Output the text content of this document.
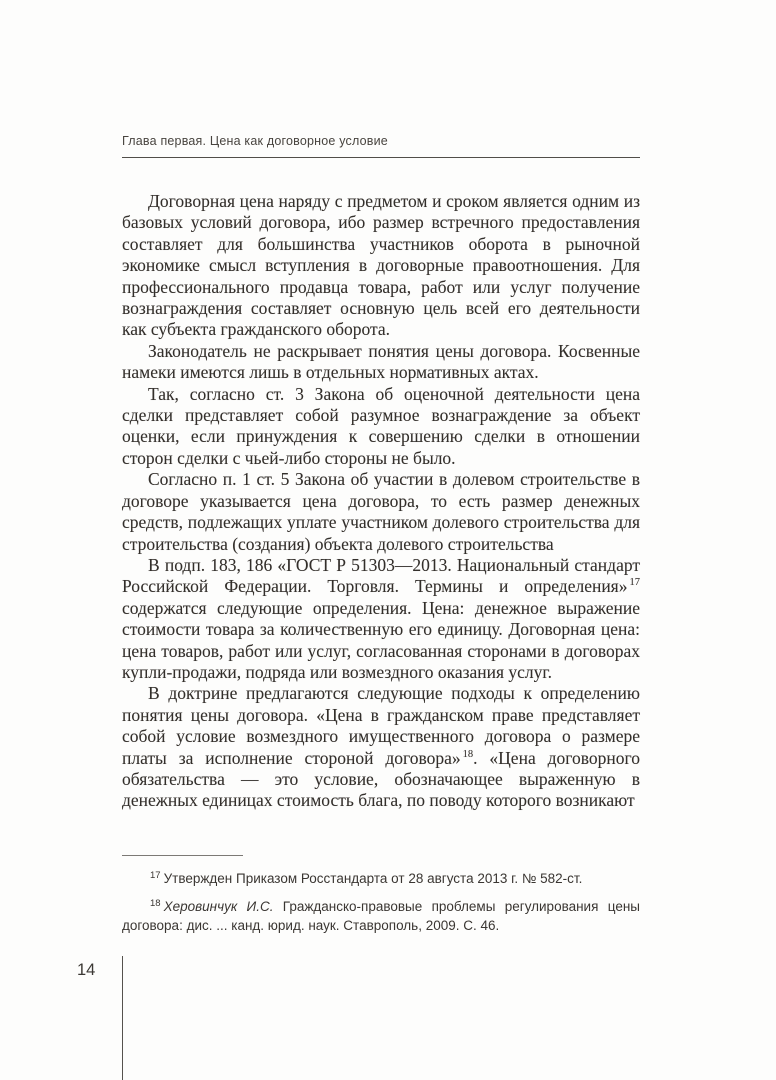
Глава первая. Цена как договорное условие

Договорная цена наряду с предметом и сроком является одним из базовых условий договора, ибо размер встречного предоставления составляет для большинства участников оборота в рыночной экономике смысл вступления в договорные правоотношения. Для профессионального продавца товара, работ или услуг получение вознаграждения составляет основную цель всей его деятельности как субъекта гражданского оборота.

Законодатель не раскрывает понятия цены договора. Косвенные намеки имеются лишь в отдельных нормативных актах.

Так, согласно ст. 3 Закона об оценочной деятельности цена сделки представляет собой разумное вознаграждение за объект оценки, если принуждения к совершению сделки в отношении сторон сделки с чьей-либо стороны не было.

Согласно п. 1 ст. 5 Закона об участии в долевом строительстве в договоре указывается цена договора, то есть размер денежных средств, подлежащих уплате участником долевого строительства для строительства (создания) объекта долевого строительства

В подп. 183, 186 «ГОСТ Р 51303—2013. Национальный стандарт Российской Федерации. Торговля. Термины и определения» $^{17}$ содержатся следующие определения. Цена: денежное выражение стоимости товара за количественную его единицу. Договорная цена: цена товаров, работ или услуг, согласованная сторонами в договорах купли-продажи, подряда или возмездного оказания услуг.

В доктрине предлагаются следующие подходы к определению понятия цены договора. «Цена в гражданском праве представляет собой условие возмездного имущественного договора о размере платы за исполнение стороной договора» $^{18}$. «Цена договорного обязательства — это условие, обозначающее выраженную в денежных единицах стоимость блага, по поводу которого возникают

$^{17}$ Утвержден Приказом Росстандарта от 28 августа 2013 г. № 582-ст.

$^{18}$ Херовинчук И.С. Гражданско-правовые проблемы регулирования цены договора: дис. ... канд. юрид. наук. Ставрополь, 2009. С. 46.

14
